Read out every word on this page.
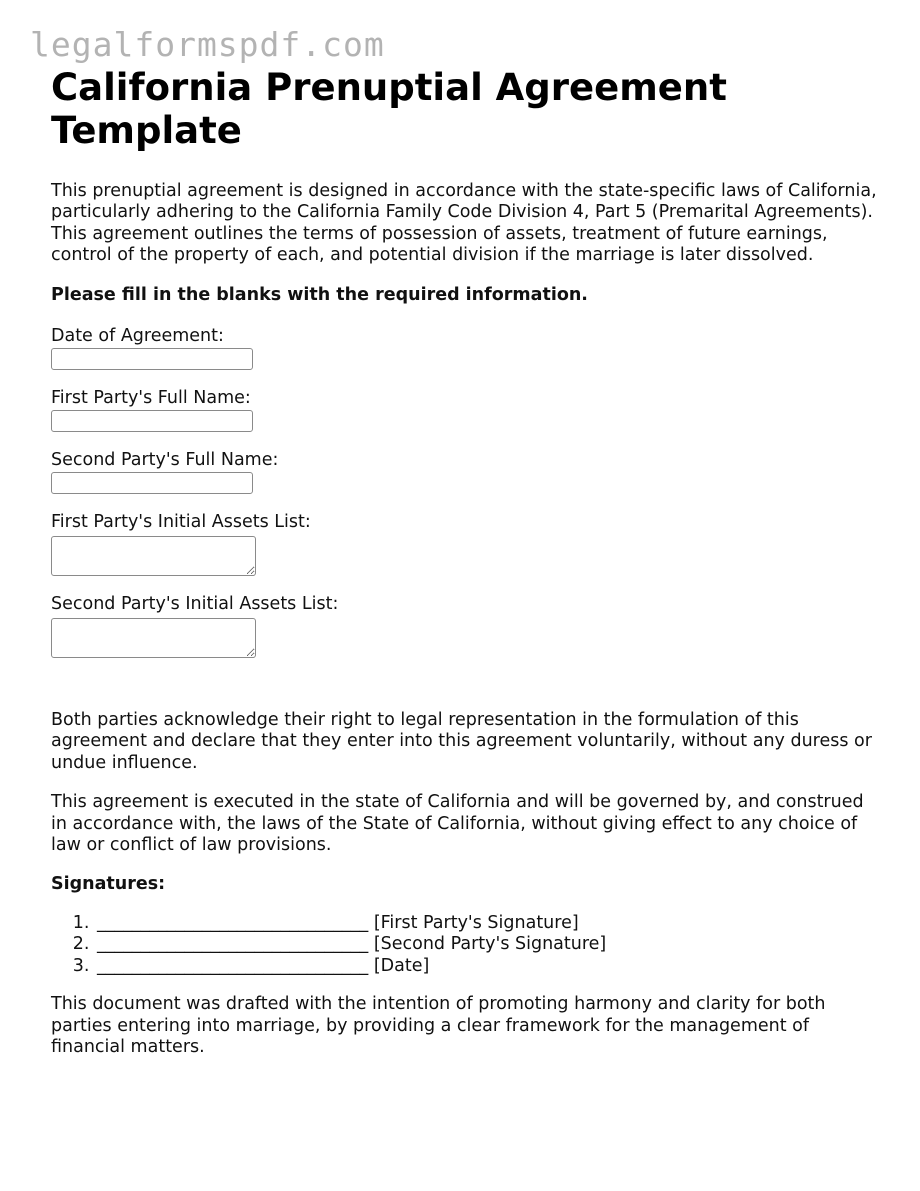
legalformspdf.com
California Prenuptial Agreement Template

This prenuptial agreement is designed in accordance with the state-specific laws of California, particularly adhering to the California Family Code Division 4, Part 5 (Premarital Agreements). This agreement outlines the terms of possession of assets, treatment of future earnings, control of the property of each, and potential division if the marriage is later dissolved.

Please fill in the blanks with the required information.

Date of Agreement:
First Party's Full Name:
Second Party's Full Name:
First Party's Initial Assets List:
Second Party's Initial Assets List:

Both parties acknowledge their right to legal representation in the formulation of this agreement and declare that they enter into this agreement voluntarily, without any duress or undue influence.

This agreement is executed in the state of California and will be governed by, and construed in accordance with, the laws of the State of California, without giving effect to any choice of law or conflict of law provisions.

Signatures:

1. _______________________________ [First Party's Signature]
2. _______________________________ [Second Party's Signature]
3. _______________________________ [Date]

This document was drafted with the intention of promoting harmony and clarity for both parties entering into marriage, by providing a clear framework for the management of financial matters.
